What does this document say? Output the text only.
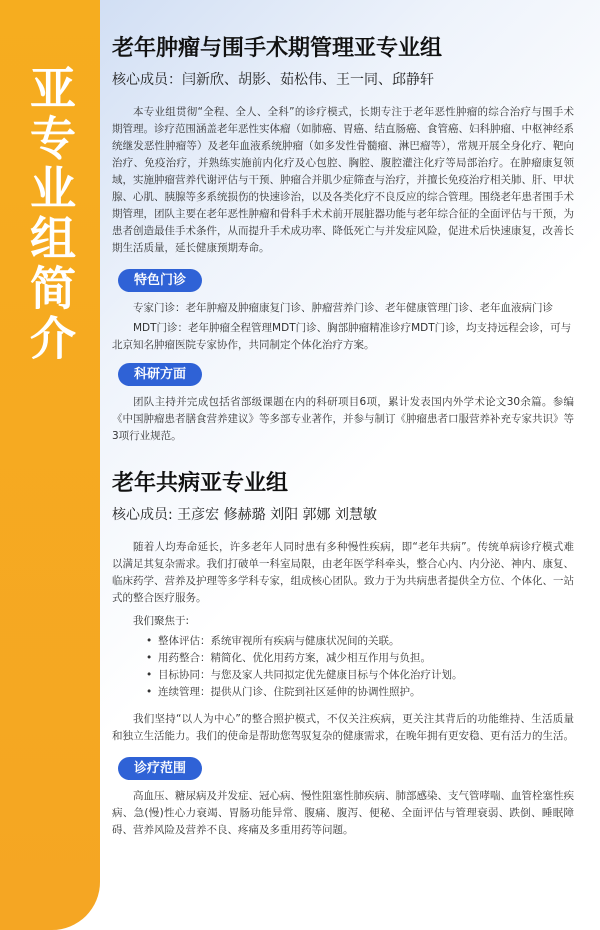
亚专业组简介
老年肿瘤与围手术期管理亚专业组
核心成员：闫新欣、胡影、茹松伟、王一同、邱静轩

本专业组贯彻“全程、全人、全科”的诊疗模式，长期专注于老年恶性肿瘤的综合治疗与围手术期管理。诊疗范围涵盖老年恶性实体瘤（如肺癌、胃癌、结直肠癌、食管癌、妇科肿瘤、中枢神经系统继发恶性肿瘤等）及老年血液系统肿瘤（如多发性骨髓瘤、淋巴瘤等），常规开展全身化疗、靶向治疗、免疫治疗，并熟练实施前内化疗及心包腔、胸腔、腹腔灌注化疗等局部治疗。在肿瘤康复领域，实施肿瘤营养代谢评估与干预、肿瘤合并肌少症筛查与治疗，并擅长免疫治疗相关肺、肝、甲状腺、心肌、胰腺等多系统损伤的快速诊治，以及各类化疗不良反应的综合管理。围绕老年患者围手术期管理，团队主要在老年恶性肿瘤和骨科手术术前开展脏器功能与老年综合征的全面评估与干预，为患者创造最佳手术条件，从而提升手术成功率、降低死亡与并发症风险，促进术后快速康复，改善长期生活质量，延长健康预期寿命。

特色门诊

专家门诊：老年肿瘤及肿瘤康复门诊、肿瘤营养门诊、老年健康管理门诊、老年血液病门诊

MDT门诊：老年肿瘤全程管理MDT门诊、胸部肿瘤精准诊疗MDT门诊，均支持远程会诊，可与北京知名肿瘤医院专家协作，共同制定个体化治疗方案。

科研方面

团队主持并完成包括省部级课题在内的科研项目6项，累计发表国内外学术论文30余篇。参编《中国肿瘤患者膳食营养建议》等多部专业著作，并参与制订《肿瘤患者口服营养补充专家共识》等3项行业规范。

老年共病亚专业组
核心成员: 王彦宏 修赫璐 刘阳 郭娜 刘慧敏

随着人均寿命延长，许多老年人同时患有多种慢性疾病，即“老年共病”。传统单病诊疗模式难以满足其复杂需求。我们打破单一科室局限，由老年医学科牵头，整合心内、内分泌、神内、康复、临床药学、营养及护理等多学科专家，组成核心团队。致力于为共病患者提供全方位、个体化、一站式的整合医疗服务。

我们聚焦于:

• 整体评估：系统审视所有疾病与健康状况间的关联。
• 用药整合：精简化、优化用药方案，减少相互作用与负担。
• 目标协同：与您及家人共同拟定优先健康目标与个体化治疗计划。
• 连续管理：提供从门诊、住院到社区延伸的协调性照护。

我们坚持“以人为中心”的整合照护模式，不仅关注疾病，更关注其背后的功能维持、生活质量和独立生活能力。我们的使命是帮助您驾驭复杂的健康需求，在晚年拥有更安稳、更有活力的生活。

诊疗范围

高血压、糖尿病及并发症、冠心病、慢性阻塞性肺疾病、肺部感染、支气管哮喘、血管栓塞性疾病、急(慢)性心力衰竭、胃肠功能异常、腹痛、腹泻、便秘、全面评估与管理衰弱、跌倒、睡眠障碍、营养风险及营养不良、疼痛及多重用药等问题。
